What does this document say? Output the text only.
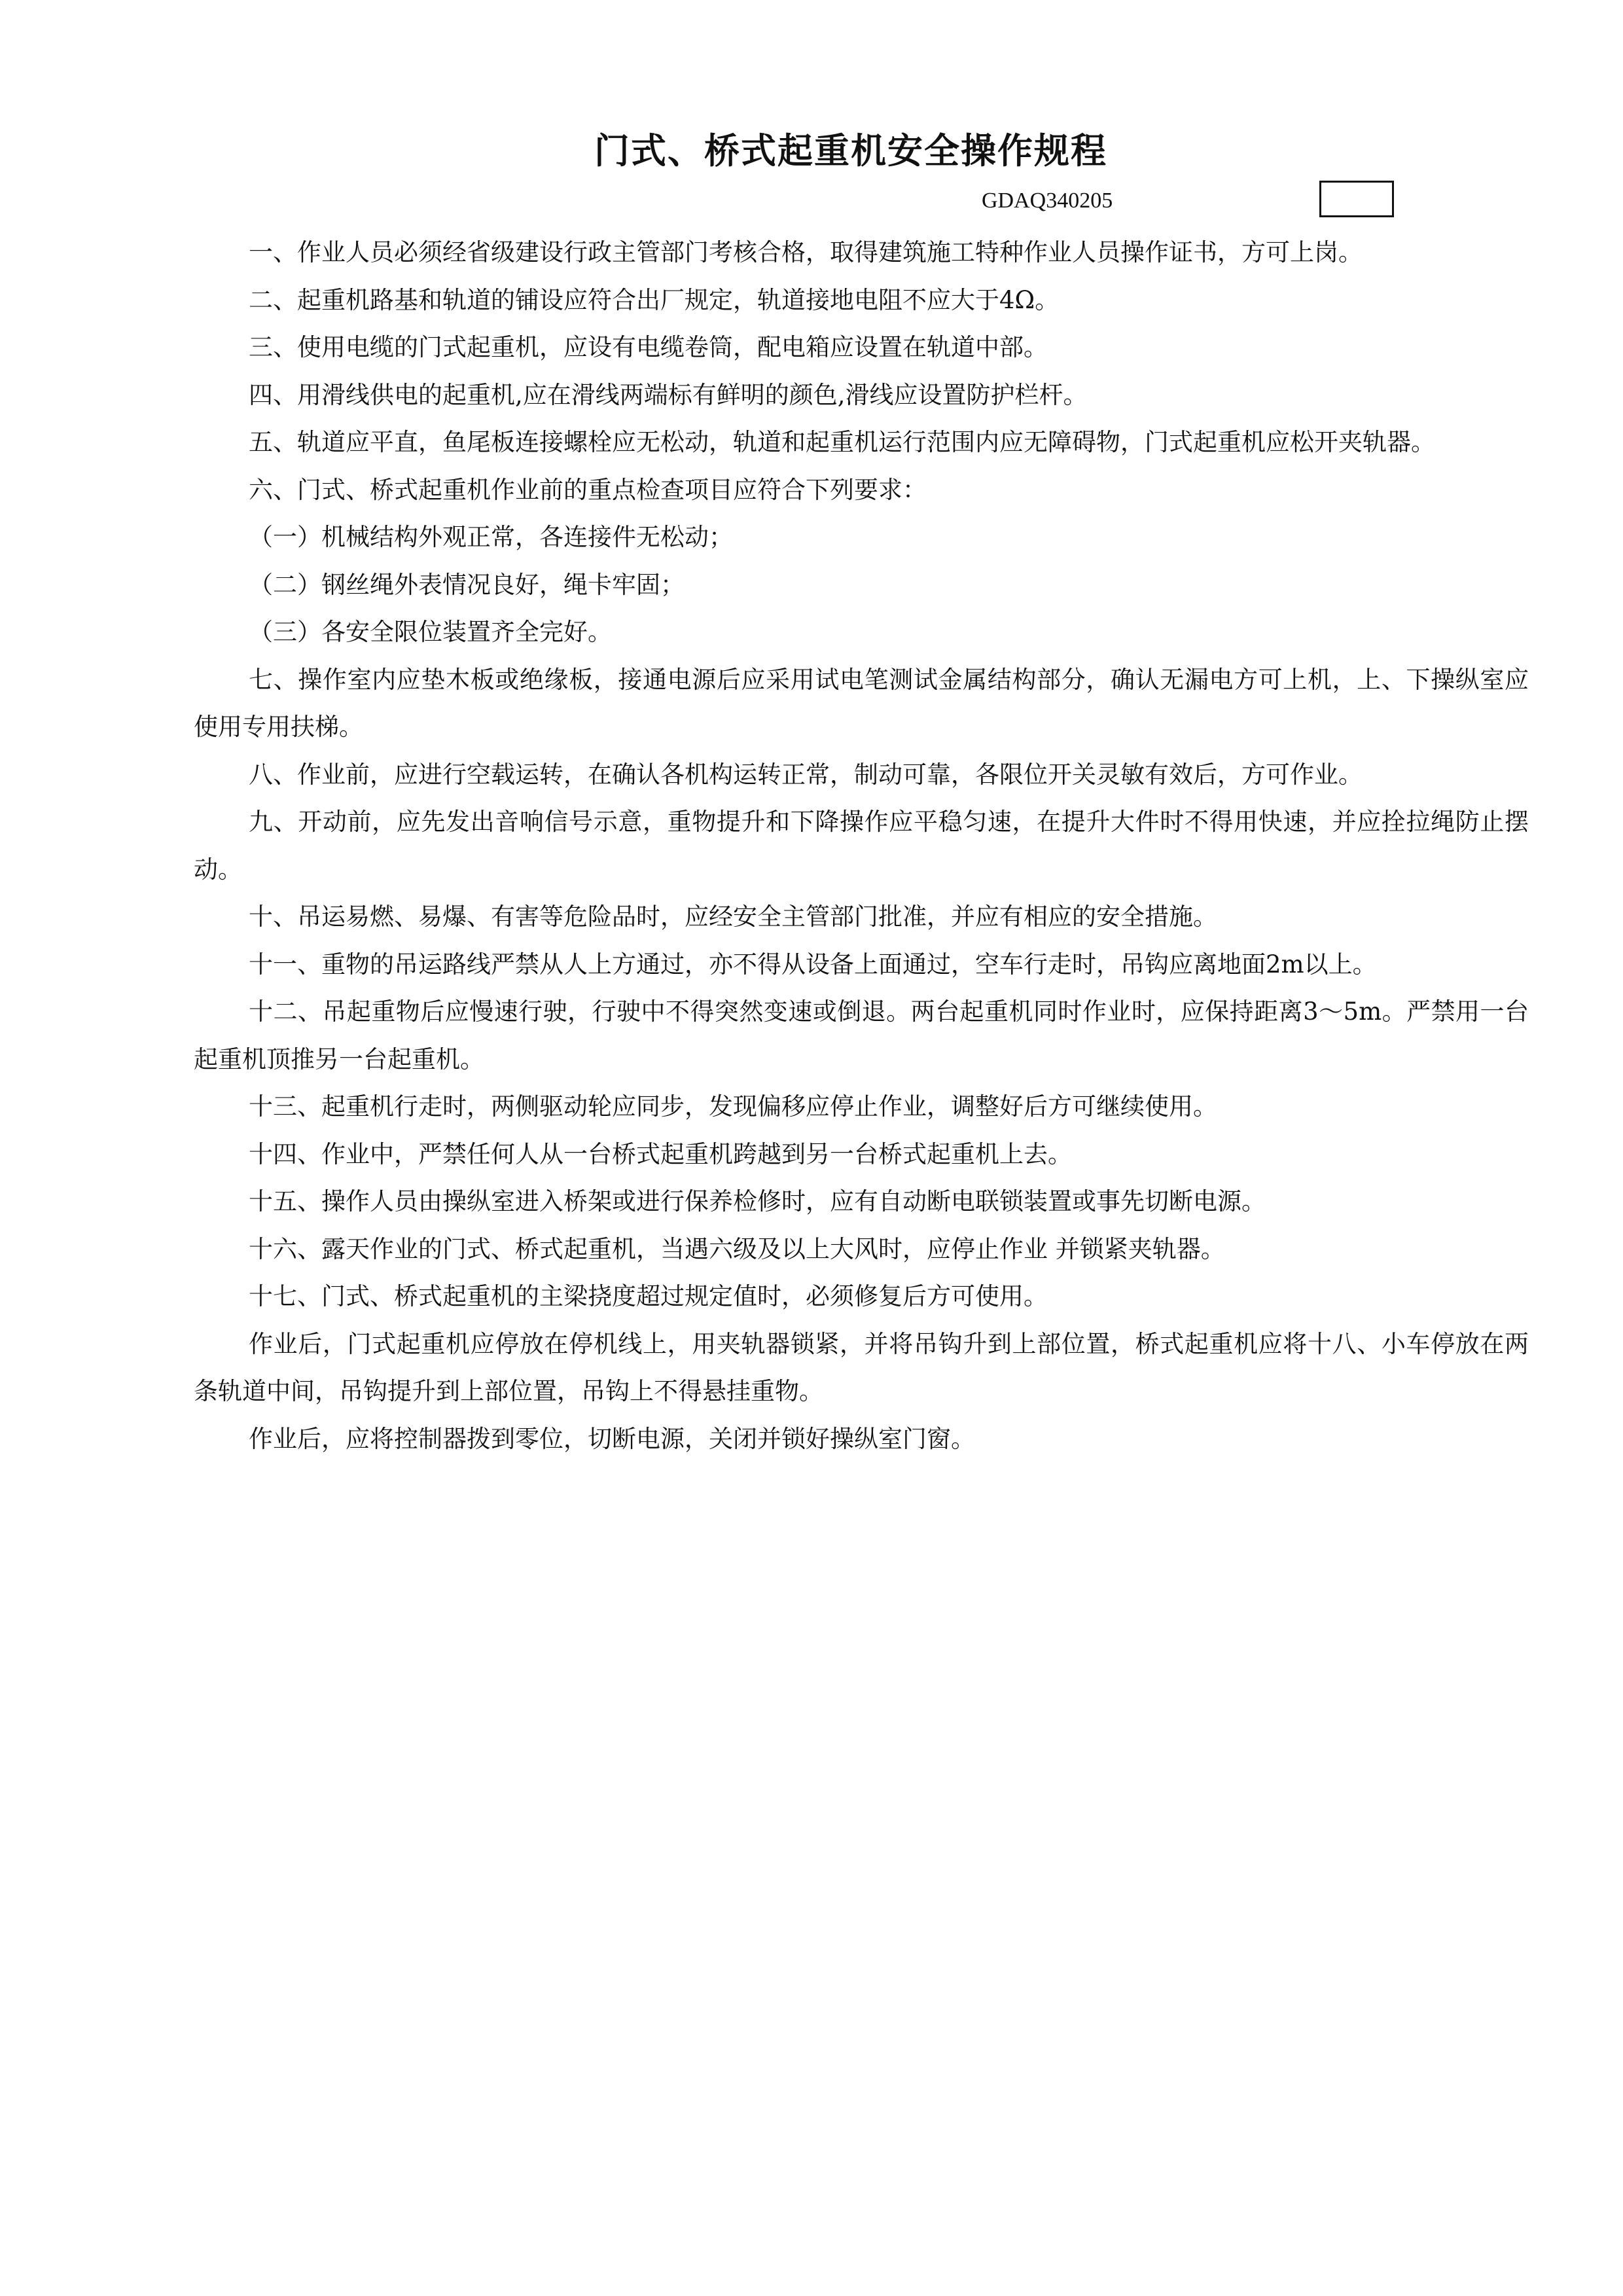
门式、桥式起重机安全操作规程
GDAQ340205

一、作业人员必须经省级建设行政主管部门考核合格，取得建筑施工特种作业人员操作证书，方可上岗。

二、起重机路基和轨道的铺设应符合出厂规定，轨道接地电阻不应大于4Ω。

三、使用电缆的门式起重机，应设有电缆卷筒，配电箱应设置在轨道中部。

四、用滑线供电的起重机,应在滑线两端标有鲜明的颜色,滑线应设置防护栏杆。

五、轨道应平直，鱼尾板连接螺栓应无松动，轨道和起重机运行范围内应无障碍物，门式起重机应松开夹轨器。

六、门式、桥式起重机作业前的重点检查项目应符合下列要求：

（一）机械结构外观正常，各连接件无松动；

（二）钢丝绳外表情况良好，绳卡牢固；

（三）各安全限位装置齐全完好。

七、操作室内应垫木板或绝缘板，接通电源后应采用试电笔测试金属结构部分，确认无漏电方可上机，上、下操纵室应使用专用扶梯。

八、作业前，应进行空载运转，在确认各机构运转正常，制动可靠，各限位开关灵敏有效后，方可作业。

九、开动前，应先发出音响信号示意，重物提升和下降操作应平稳匀速，在提升大件时不得用快速，并应拴拉绳防止摆动。

十、吊运易燃、易爆、有害等危险品时，应经安全主管部门批准，并应有相应的安全措施。

十一、重物的吊运路线严禁从人上方通过，亦不得从设备上面通过，空车行走时，吊钩应离地面2m以上。

十二、吊起重物后应慢速行驶，行驶中不得突然变速或倒退。两台起重机同时作业时，应保持距离3～5m。严禁用一台起重机顶推另一台起重机。

十三、起重机行走时，两侧驱动轮应同步，发现偏移应停止作业，调整好后方可继续使用。

十四、作业中，严禁任何人从一台桥式起重机跨越到另一台桥式起重机上去。

十五、操作人员由操纵室进入桥架或进行保养检修时，应有自动断电联锁装置或事先切断电源。

十六、露天作业的门式、桥式起重机，当遇六级及以上大风时，应停止作业 并锁紧夹轨器。

十七、门式、桥式起重机的主梁挠度超过规定值时，必须修复后方可使用。

作业后，门式起重机应停放在停机线上，用夹轨器锁紧，并将吊钩升到上部位置，桥式起重机应将十八、小车停放在两条轨道中间，吊钩提升到上部位置，吊钩上不得悬挂重物。

作业后，应将控制器拨到零位，切断电源，关闭并锁好操纵室门窗。
